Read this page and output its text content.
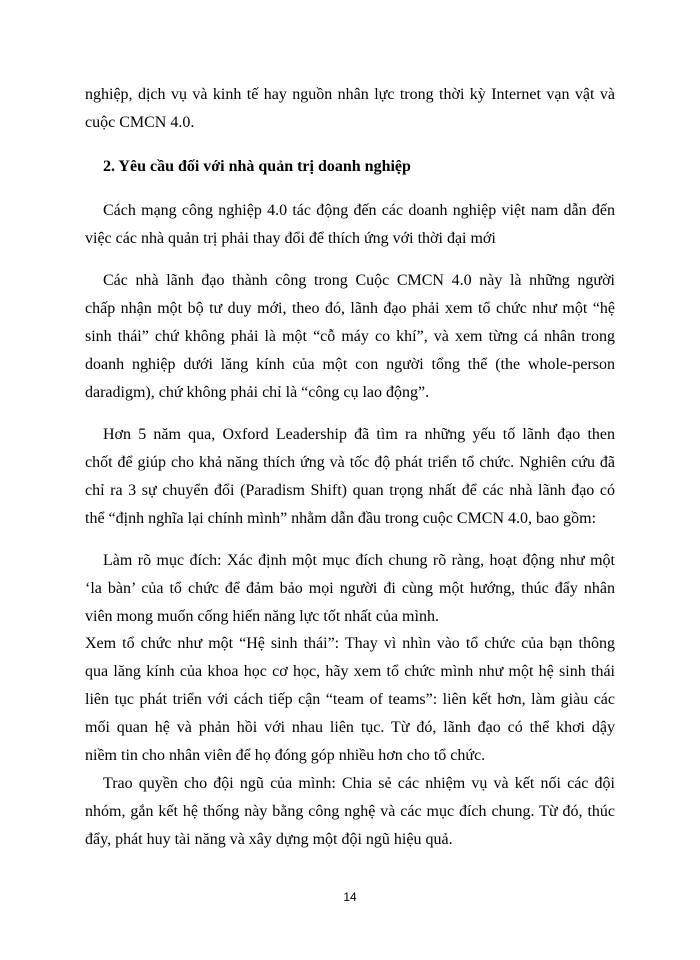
nghiệp, dịch vụ và kinh tế hay nguồn nhân lực trong thời kỳ Internet vạn vật và
cuộc CMCN 4.0.
2. Yêu cầu đối với nhà quản trị doanh nghiệp
Cách mạng công nghiệp 4.0 tác động đến các doanh nghiệp việt nam dẫn đến
việc các nhà quản trị phải thay đổi để thích ứng với thời đại mới
Các nhà lãnh đạo thành công trong Cuộc CMCN 4.0 này là những người
chấp nhận một bộ tư duy mới, theo đó, lãnh đạo phải xem tổ chức như một “hệ
sinh thái” chứ không phải là một “cỗ máy co khí”, và xem từng cá nhân trong
doanh nghiệp dưới lăng kính của một con người tổng thể (the whole-person
daradigm), chứ không phải chỉ là “công cụ lao động”.
Hơn 5 năm qua, Oxford Leadership đã tìm ra những yếu tố lãnh đạo then
chốt để giúp cho khả năng thích ứng và tốc độ phát triển tổ chức. Nghiên cứu đã
chỉ ra 3 sự chuyển đổi (Paradism Shift) quan trọng nhất để các nhà lãnh đạo có
thể “định nghĩa lại chính mình” nhằm dẫn đầu trong cuộc CMCN 4.0, bao gồm:
Làm rõ mục đích: Xác định một mục đích chung rõ ràng, hoạt động như một
‘la bàn’ của tổ chức để đảm bảo mọi người đi cùng một hướng, thúc đẩy nhân
viên mong muốn cống hiến năng lực tốt nhất của mình.
Xem tổ chức như một “Hệ sinh thái”: Thay vì nhìn vào tổ chức của bạn thông
qua lăng kính của khoa học cơ học, hãy xem tổ chức mình như một hệ sinh thái
liên tục phát triển với cách tiếp cận “team of teams”: liên kết hơn, làm giàu các
mối quan hệ và phản hồi với nhau liên tục. Từ đó, lãnh đạo có thể khơi dậy
niềm tin cho nhân viên để họ đóng góp nhiều hơn cho tổ chức.
Trao quyền cho đội ngũ của mình: Chia sẻ các nhiệm vụ và kết nối các đội
nhóm, gắn kết hệ thống này bằng công nghệ và các mục đích chung. Từ đó, thúc
đẩy, phát huy tài năng và xây dựng một đội ngũ hiệu quả.
14
